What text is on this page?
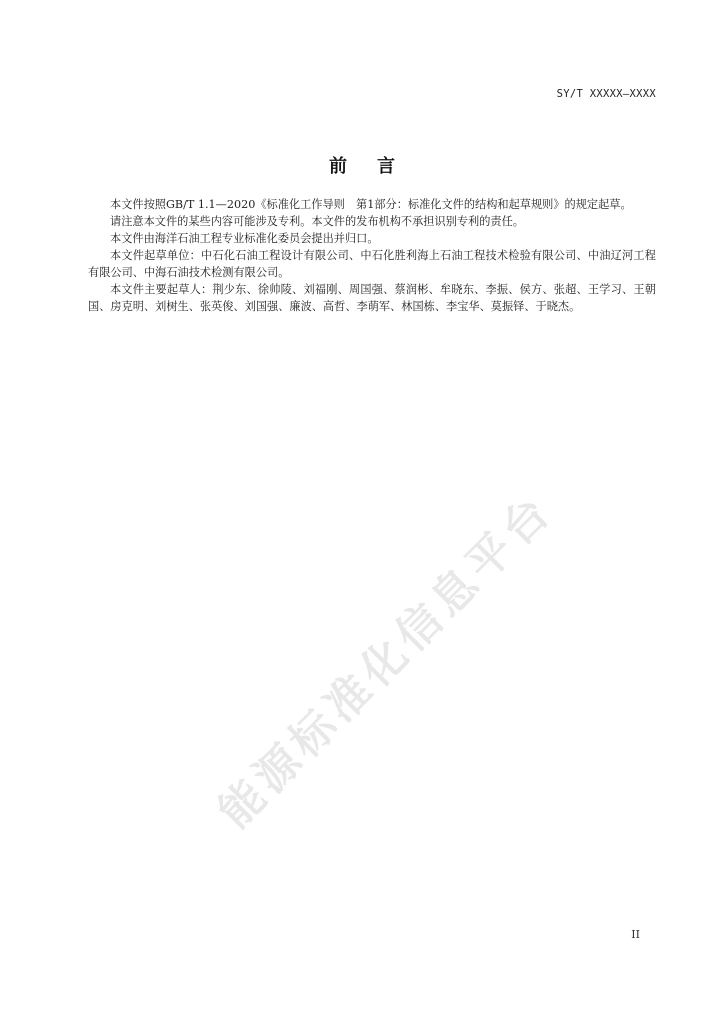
SY/T XXXXX—XXXX
前言

本文件按照GB/T 1.1—2020《标准化工作导则　第1部分：标准化文件的结构和起草规则》的规定起草。

请注意本文件的某些内容可能涉及专利。本文件的发布机构不承担识别专利的责任。

本文件由海洋石油工程专业标准化委员会提出并归口。

本文件起草单位：中石化石油工程设计有限公司、中石化胜利海上石油工程技术检验有限公司、中油辽河工程有限公司、中海石油技术检测有限公司。

本文件主要起草人：荆少东、徐帅陵、刘福刚、周国强、蔡润彬、牟晓东、李振、侯方、张超、王学习、王朝国、房克明、刘树生、张英俊、刘国强、廉波、高哲、李萌军、林国栋、李宝华、莫振铎、于晓杰。

能源标准化信息平台
II
